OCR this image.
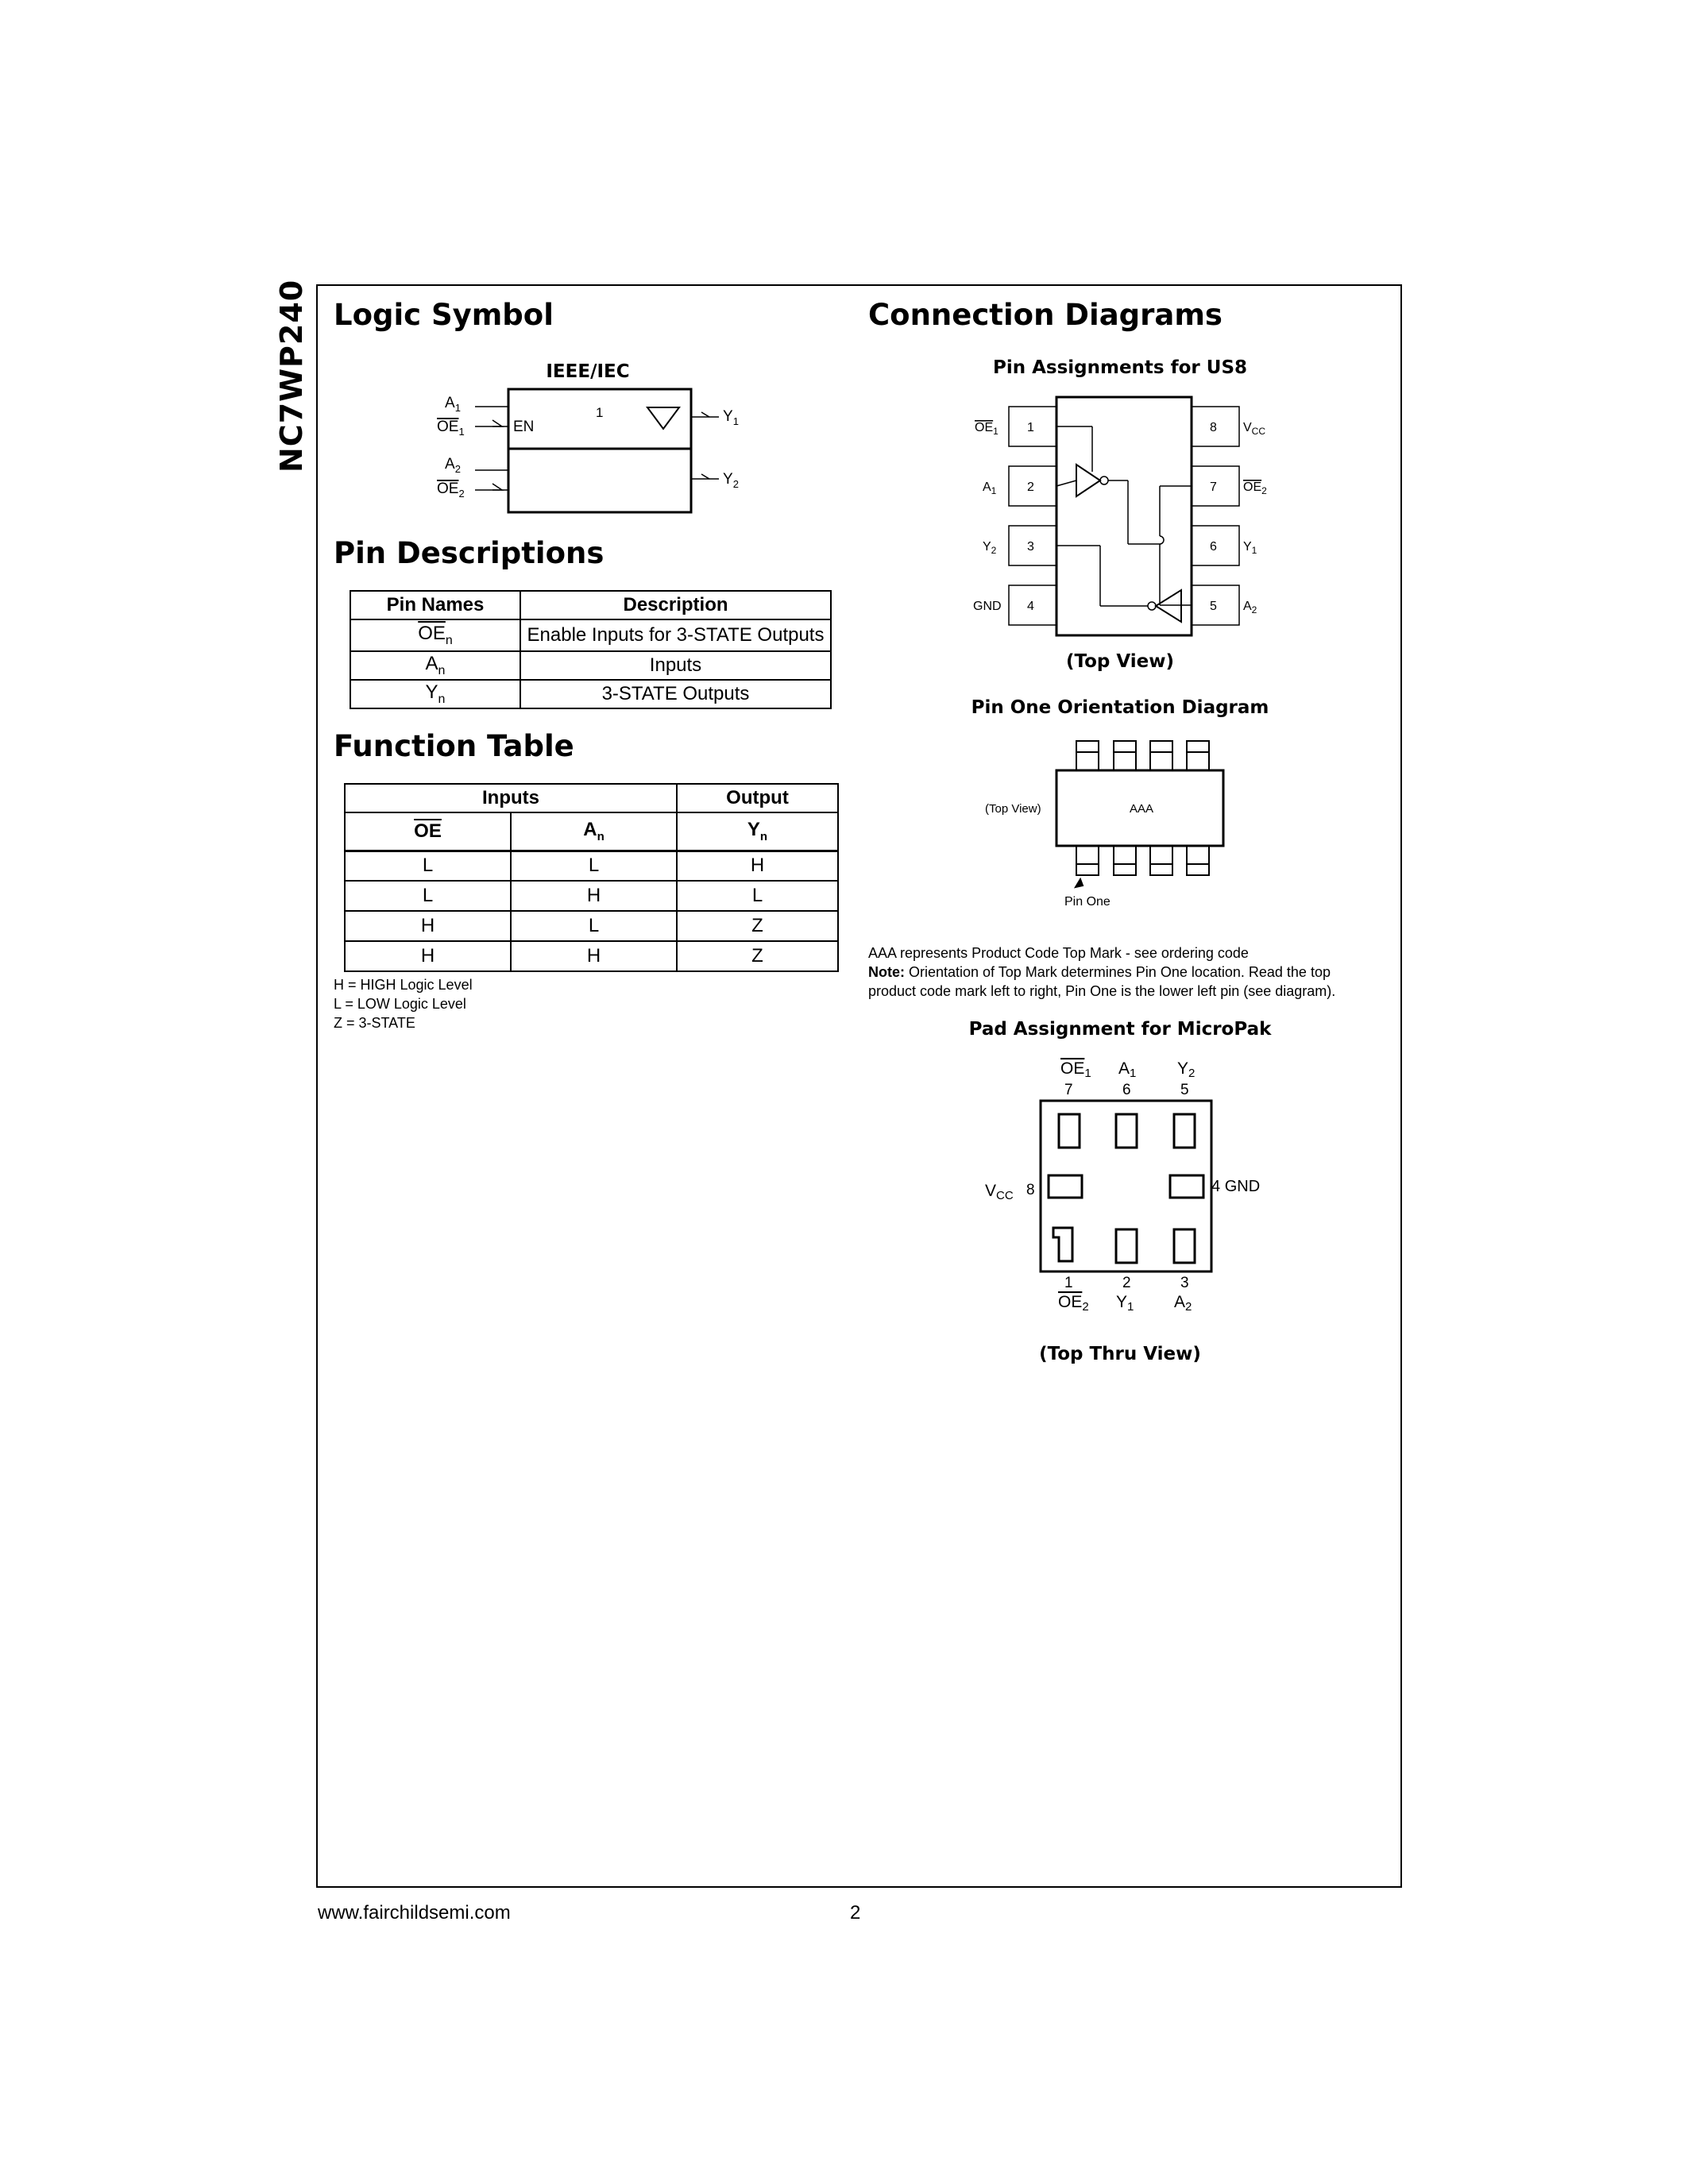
NC7WP240 Logic Symbol
IEEE/IEC
$A_1$
$OE_1$
$A_2$
$OE_2$
EN
1	$Y_1$
$Y_2$
Pin Descriptions
Pin Names	Description
$\overline{OE}_n$	Enable Inputs for 3-STATE Outputs
$A_n$	Inputs
$Y_n$	3-STATE Outputs
Function Table
Inputs		Output
$\overline{OE}$	$A_n$	$Y_n$
L	L	H
L	H	L
H	L	Z
H	H	Z
H = HIGH Logic Level
L = LOW Logic Level
Z = 3-STATE
Connection Diagrams
Pin Assignments for US8
1
2
3
4
8
7
6
5
$OE_1$
$A_1$
$Y_2$
GND
$V_{CC}$
$OE_2$
$Y_1$
$A_2$
(Top View)
Pin One Orientation Diagram
(Top View)	AAA
Pin One
AAA represents Product Code Top Mark - see ordering code
Note: Orientation of Top Mark determines Pin One location. Read the top
product code mark left to right, Pin One is the lower left pin (see diagram).
Pad Assignment for MicroPak
OE1 A1 Y2
7	6	5
VCC 8	4 GND
1	2	3
OE2 Y1 A2
(Top Thru View)
www.fairchildsemi.com	2
